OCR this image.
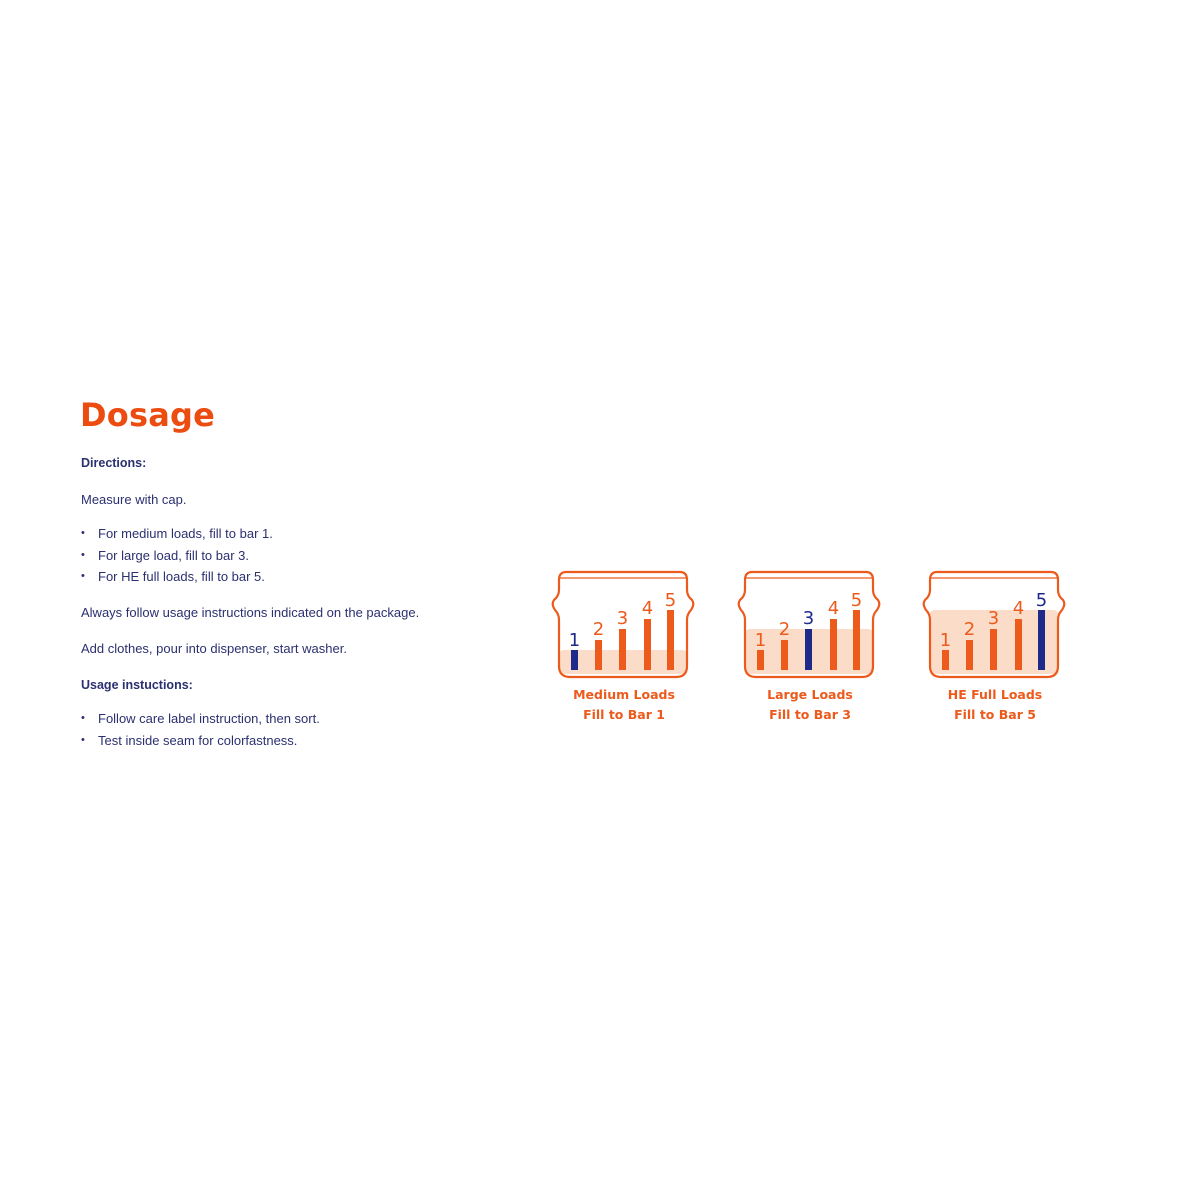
Dosage

Directions:

Measure with cap.

• For medium loads, fill to bar 1.
• For large load, fill to bar 3.
• For HE full loads, fill to bar 5.

Always follow usage instructions indicated on the package.

Add clothes, pour into dispenser, start washer.

Usage instuctions:

• Follow care label instruction, then sort.
• Test inside seam for colorfastness.
1
2
3 4 5
1
2
3 4 5
1
2
3 4 5
Medium Loads
Fill to Bar 1
Large Loads
Fill to Bar 3
HE Full Loads
Fill to Bar 5
